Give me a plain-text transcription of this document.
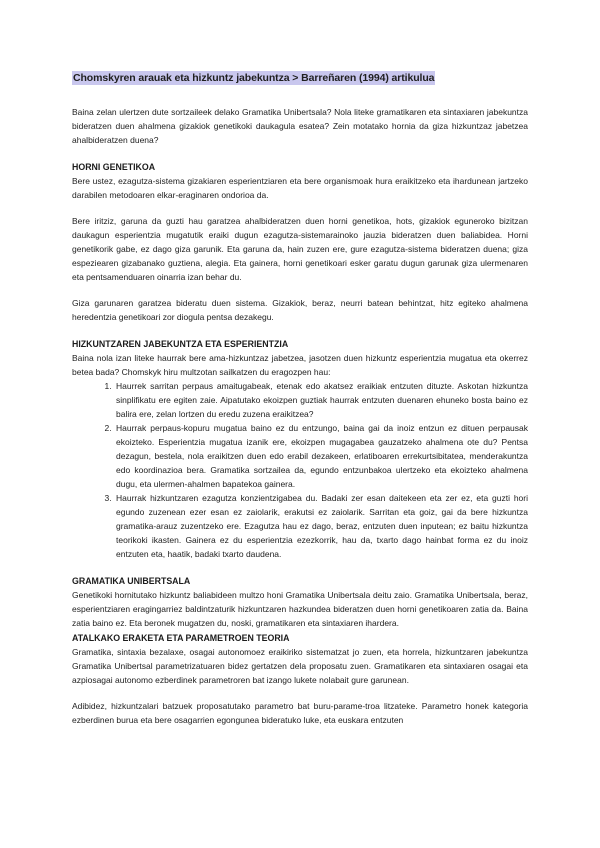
Chomskyren arauak eta hizkuntz jabekuntza > Barreñaren (1994) artikulua

Baina zelan ulertzen dute sortzaileek delako Gramatika Unibertsala? Nola liteke gramatikaren eta sintaxiaren jabekuntza bideratzen duen ahalmena gizakiok genetikoki daukagula esatea? Zein motatako hornia da giza hizkuntzaz jabetzea ahalbideratzen duena?

HORNI GENETIKOA

Bere ustez, ezagutza-sistema gizakiaren esperientziaren eta bere organismoak hura eraikitzeko eta ihardunean jartzeko darabilen metodoaren elkar-eraginaren ondorioa da.

Bere iritziz, garuna da guzti hau garatzea ahalbideratzen duen horni genetikoa, hots, gizakiok eguneroko bizitzan daukagun esperientzia mugatutik eraiki dugun ezagutza-sistemarainoko jauzia bideratzen duen baliabidea. Horni genetikorik gabe, ez dago giza garunik. Eta garuna da, hain zuzen ere, gure ezagutza-sistema bideratzen duena; giza espeziearen gizabanako guztiena, alegia. Eta gainera, horni genetikoari esker garatu dugun garunak giza ulermenaren eta pentsamenduaren oinarria izan behar du.

Giza garunaren garatzea bideratu duen sistema. Gizakiok, beraz, neurri batean behintzat, hitz egiteko ahalmena heredentzia genetikoari zor diogula pentsa dezakegu.

HIZKUNTZAREN JABEKUNTZA ETA ESPERIENTZIA

Baina nola izan liteke haurrak bere ama-hizkuntzaz jabetzea, jasotzen duen hizkuntz esperientzia mugatua eta okerrez betea bada? Chomskyk hiru multzotan sailkatzen du eragozpen hau:

1. Haurrek sarritan perpaus amaitugabeak, etenak edo akatsez eraikiak entzuten dituzte. Askotan hizkuntza sinplifikatu ere egiten zaie. Aipatutako ekoizpen guztiak haurrak entzuten duenaren ehuneko bosta baino ez balira ere, zelan lortzen du eredu zuzena eraikitzea?
2. Haurrak perpaus-kopuru mugatua baino ez du entzungo, baina gai da inoiz entzun ez dituen perpausak ekoizteko. Esperientzia mugatua izanik ere, ekoizpen mugagabea gauzatzeko ahalmena ote du? Pentsa dezagun, bestela, nola eraikitzen duen edo erabil dezakeen, erlatiboaren errekurtsibitatea, menderakuntza edo koordinazioa bera. Gramatika sortzailea da, egundo entzunbakoa ulertzeko eta ekoizteko ahalmena dugu, eta ulermen-ahalmen bapatekoa gainera.
3. Haurrak hizkuntzaren ezagutza konzientzigabea du. Badaki zer esan daitekeen eta zer ez, eta guzti hori egundo zuzenean ezer esan ez zaiolarik, erakutsi ez zaiolarik. Sarritan eta goiz, gai da bere hizkuntza gramatika-arauz zuzentzeko ere. Ezagutza hau ez dago, beraz, entzuten duen inputean; ez baitu hizkuntza teorikoki ikasten. Gainera ez du esperientzia ezezkorrik, hau da, txarto dago hainbat forma ez du inoiz entzuten eta, haatik, badaki txarto daudena.
GRAMATIKA UNIBERTSALA

Genetikoki hornitutako hizkuntz baliabideen multzo honi Gramatika Unibertsala deitu zaio. Gramatika Unibertsala, beraz, esperientziaren eragingarriez baldintzaturik hizkuntzaren hazkundea bideratzen duen horni genetikoaren zatia da. Baina zatia baino ez. Eta beronek mugatzen du, noski, gramatikaren eta sintaxiaren ihardera.

ATALKAKO ERAKETA ETA PARAMETROEN TEORIA

Gramatika, sintaxia bezalaxe, osagai autonomoez eraikiriko sistematzat jo zuen, eta horrela, hizkuntzaren jabekuntza Gramatika Unibertsal parametrizatuaren bidez gertatzen dela proposatu zuen. Gramatikaren eta sintaxiaren osagai eta azpiosagai autonomo ezberdinek parametroren bat izango lukete nolabait gure garunean.

Adibidez, hizkuntzalari batzuek proposatutako parametro bat buru-parame-troa litzateke. Parametro honek kategoria ezberdinen burua eta bere osagarrien egongunea bideratuko luke, eta euskara entzuten
